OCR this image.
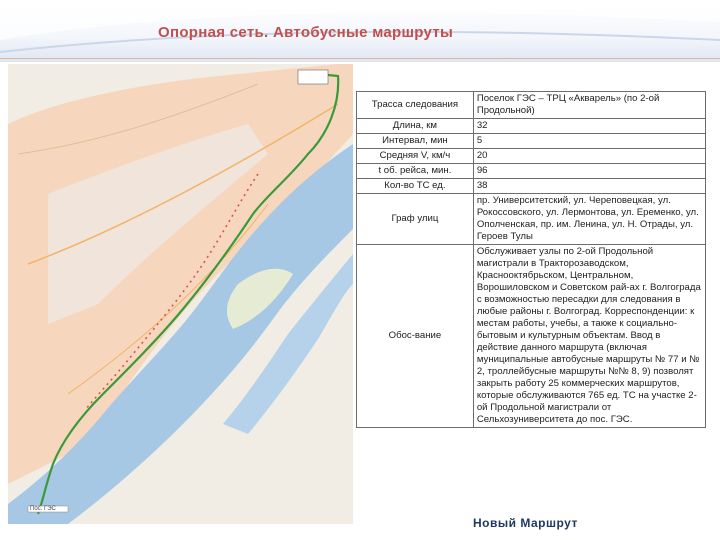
Опорная сеть. Автобусные маршруты
Пос. ГЭС
Трасса следования	Поселок ГЭС – ТРЦ «Акварель» (по 2-ой Продольной)
Длина, км	32
Интервал, мин	5
Средняя V, км/ч	20
t об. рейса, мин.	96
Кол-во ТС ед.	38
Граф улиц	пр. Университетский, ул. Череповецкая, ул. Рокоссовского, ул. Лермонтова, ул. Еременко, ул. Ополченская, пр. им. Ленина, ул. Н. Отрады, ул. Героев Тулы
Обос-вание	Обслуживает узлы по 2-ой Продольной магистрали в Тракторозаводском, Краснооктябрьском, Центральном, Ворошиловском и Советском рай-ах г. Волгограда с возможностью пересадки для следования в любые районы г. Волгоград. Корреспонденции: к местам работы, учебы, а также к социально-бытовым и культурным объектам. Ввод в действие данного маршрута (включая муниципальные автобусные маршруты № 77 и № 2, троллейбусные маршруты №№ 8, 9) позволят закрыть работу 25 коммерческих маршрутов, которые обслуживаются 765 ед. ТС на участке 2-ой Продольной магистрали от Сельхозуниверситета до пос. ГЭС.
Новый Маршрут
